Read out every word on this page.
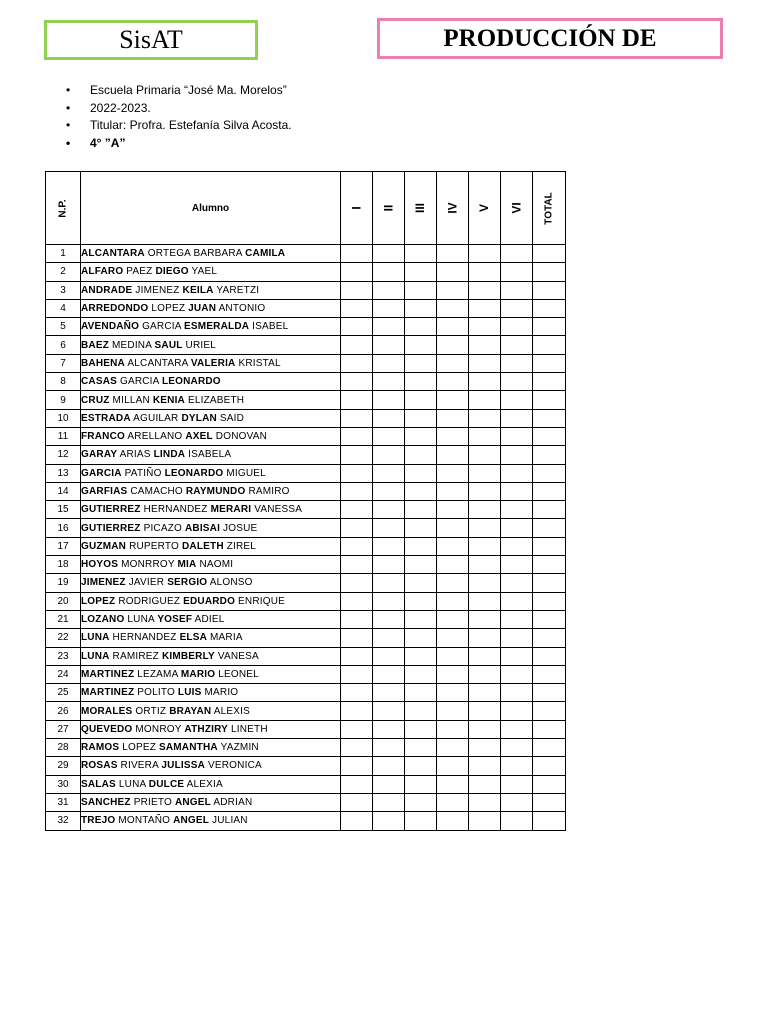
SisAT	PRODUCCIÓN DE
• Escuela Primaria “José Ma. Morelos”
• 2022-2023.
• Titular: Profra. Estefanía Silva Acosta.
• 4° ”A”
N.P.	Alumno	I	II	III	IV	V	VI	TOTAL
1	ALCANTARA ORTEGA BARBARA CAMILA							
2	ALFARO PAEZ DIEGO YAEL							
3	ANDRADE JIMENEZ KEILA YARETZI							
4	ARREDONDO LOPEZ JUAN ANTONIO							
5	AVENDAÑO GARCIA ESMERALDA ISABEL							
6	BAEZ MEDINA SAUL URIEL							
7	BAHENA ALCANTARA VALERIA KRISTAL							
8	CASAS GARCIA LEONARDO							
9	CRUZ MILLAN KENIA ELIZABETH							
10	ESTRADA AGUILAR DYLAN SAID							
11	FRANCO ARELLANO AXEL DONOVAN							
12	GARAY ARIAS LINDA ISABELA							
13	GARCIA PATIÑO LEONARDO MIGUEL							
14	GARFIAS CAMACHO RAYMUNDO RAMIRO							
15	GUTIERREZ HERNANDEZ MERARI VANESSA							
16	GUTIERREZ PICAZO ABISAI JOSUE							
17	GUZMAN RUPERTO DALETH ZIREL							
18	HOYOS MONRROY MIA NAOMI							
19	JIMENEZ JAVIER SERGIO ALONSO							
20	LOPEZ RODRIGUEZ EDUARDO ENRIQUE							
21	LOZANO LUNA YOSEF ADIEL							
22	LUNA HERNANDEZ ELSA MARIA							
23	LUNA RAMIREZ KIMBERLY VANESA							
24	MARTINEZ LEZAMA MARIO LEONEL							
25	MARTINEZ POLITO LUIS MARIO							
26	MORALES ORTIZ BRAYAN ALEXIS							
27	QUEVEDO MONROY ATHZIRY LINETH							
28	RAMOS LOPEZ SAMANTHA YAZMIN							
29	ROSAS RIVERA JULISSA VERONICA							
30	SALAS LUNA DULCE ALEXIA							
31	SANCHEZ PRIETO ANGEL ADRIAN							
32	TREJO MONTAÑO ANGEL JULIAN							
